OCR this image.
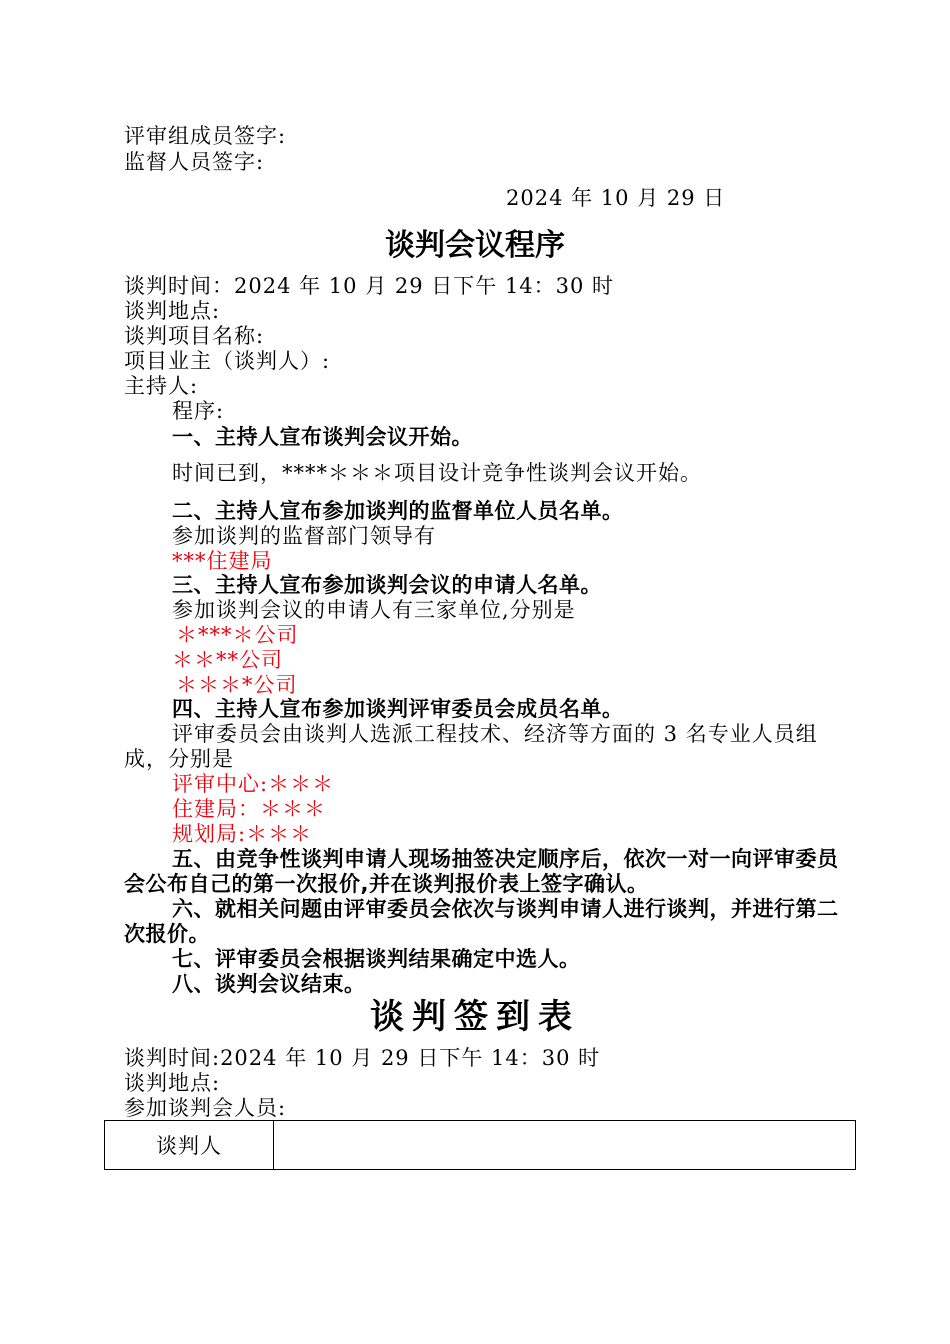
评审组成员签字:
监督人员签字:
2024 年 10 月 29 日
谈判会议程序
谈判时间：2024 年 10 月 29 日下午 14：30 时
谈判地点:
谈判项目名称:
项目业主（谈判人）:
主持人:
程序:
一、主持人宣布谈判会议开始。
时间已到，****＊＊＊项目设计竞争性谈判会议开始。
二、主持人宣布参加谈判的监督单位人员名单。
参加谈判的监督部门领导有
***住建局
三、主持人宣布参加谈判会议的申请人名单。
参加谈判会议的申请人有三家单位,分别是
＊***＊公司
＊＊**公司
＊＊＊*公司
四、主持人宣布参加谈判评审委员会成员名单。
评审委员会由谈判人选派工程技术、经济等方面的 3 名专业人员组成，分别是
评审中心:＊＊＊
住建局：＊＊＊
规划局:＊＊＊
五、由竞争性谈判申请人现场抽签决定顺序后，依次一对一向评审委员会公布自己的第一次报价,并在谈判报价表上签字确认。
六、就相关问题由评审委员会依次与谈判申请人进行谈判，并进行第二次报价。
七、评审委员会根据谈判结果确定中选人。
八、谈判会议结束。
谈判签到表
谈判时间:2024 年 10 月 29 日下午 14：30 时
谈判地点:
参加谈判会人员:
谈判人	
